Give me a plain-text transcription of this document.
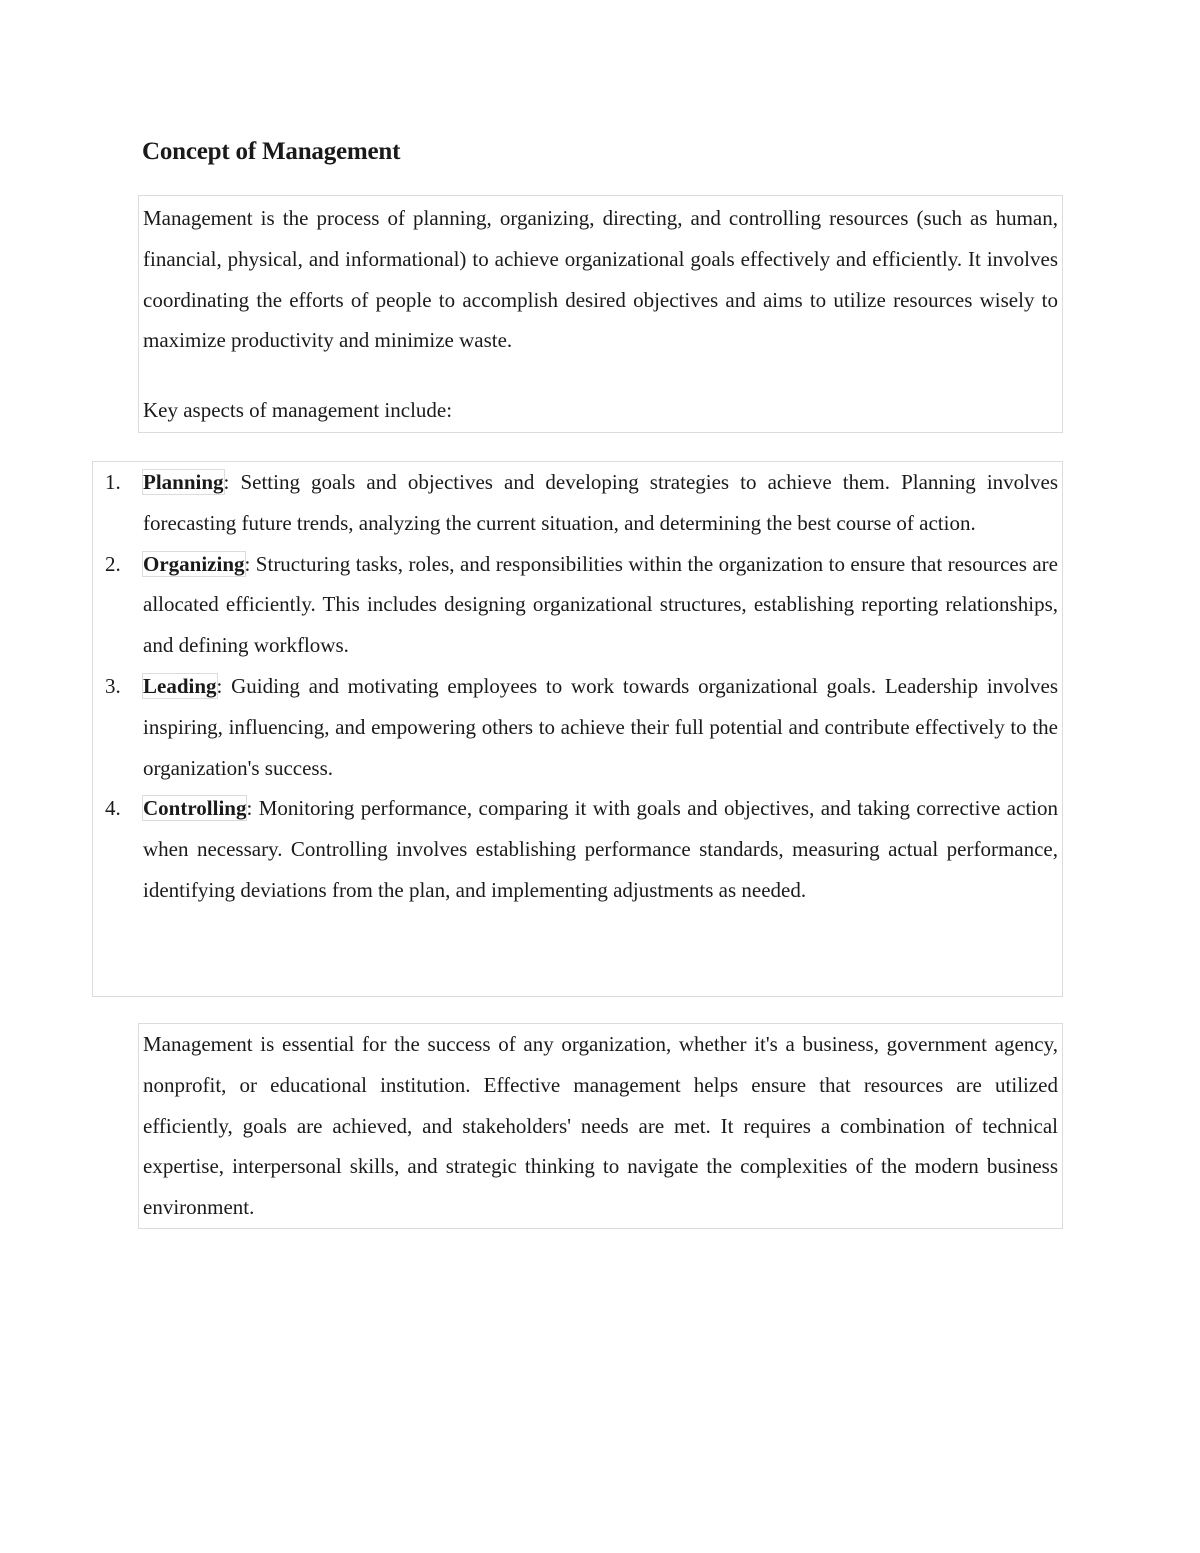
Concept of Management

Management is the process of planning, organizing, directing, and controlling resources (such as human, financial, physical, and informational) to achieve organizational goals effectively and efficiently. It involves coordinating the efforts of people to accomplish desired objectives and aims to utilize resources wisely to maximize productivity and minimize waste.

Key aspects of management include:

1. Planning: Setting goals and objectives and developing strategies to achieve them. Planning involves forecasting future trends, analyzing the current situation, and determining the best course of action.
2. Organizing: Structuring tasks, roles, and responsibilities within the organization to ensure that resources are allocated efficiently. This includes designing organizational structures, establishing reporting relationships, and defining workflows.
3. Leading: Guiding and motivating employees to work towards organizational goals. Leadership involves inspiring, influencing, and empowering others to achieve their full potential and contribute effectively to the organization's success.
4. Controlling: Monitoring performance, comparing it with goals and objectives, and taking corrective action when necessary. Controlling involves establishing performance standards, measuring actual performance, identifying deviations from the plan, and implementing adjustments as needed.

Management is essential for the success of any organization, whether it's a business, government agency, nonprofit, or educational institution. Effective management helps ensure that resources are utilized efficiently, goals are achieved, and stakeholders' needs are met. It requires a combination of technical expertise, interpersonal skills, and strategic thinking to navigate the complexities of the modern business environment.
